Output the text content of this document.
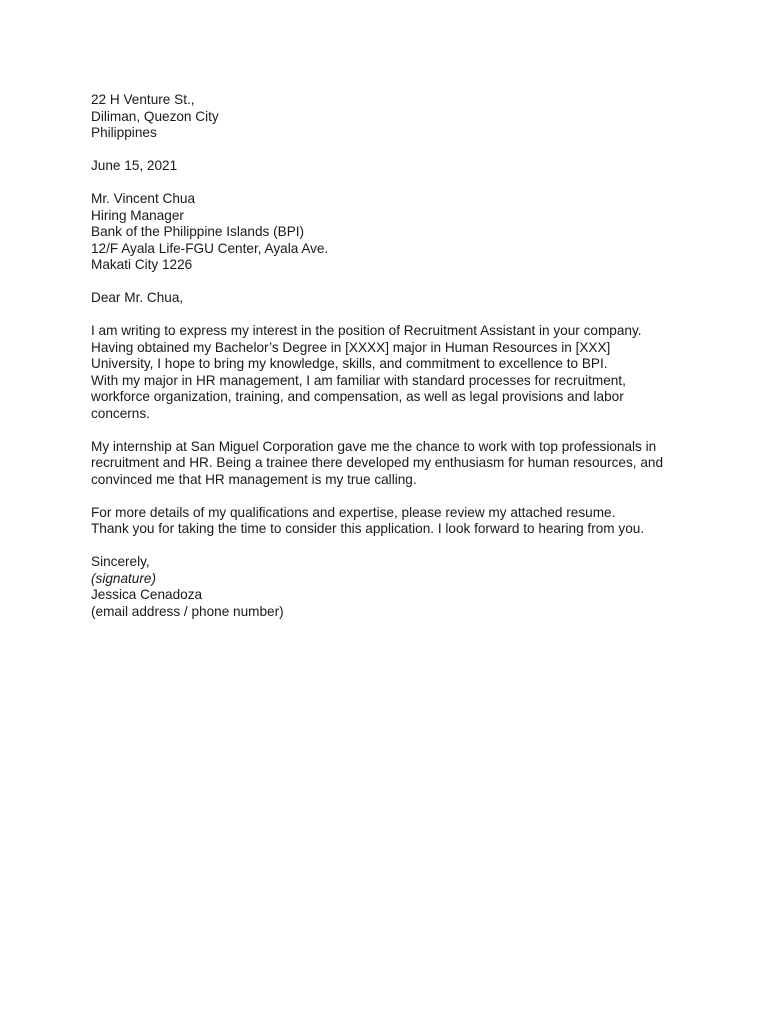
22 H Venture St.,
Diliman, Quezon City
Philippines
June 15, 2021
Mr. Vincent Chua
Hiring Manager
Bank of the Philippine Islands (BPI)
12/F Ayala Life-FGU Center, Ayala Ave.
Makati City 1226
Dear Mr. Chua,
I am writing to express my interest in the position of Recruitment Assistant in your company.
Having obtained my Bachelor’s Degree in [XXXX] major in Human Resources in [XXX]
University, I hope to bring my knowledge, skills, and commitment to excellence to BPI.
With my major in HR management, I am familiar with standard processes for recruitment,
workforce organization, training, and compensation, as well as legal provisions and labor
concerns.
My internship at San Miguel Corporation gave me the chance to work with top professionals in
recruitment and HR. Being a trainee there developed my enthusiasm for human resources, and
convinced me that HR management is my true calling.
For more details of my qualifications and expertise, please review my attached resume.
Thank you for taking the time to consider this application. I look forward to hearing from you.
Sincerely,
(signature)
Jessica Cenadoza
(email address / phone number)
